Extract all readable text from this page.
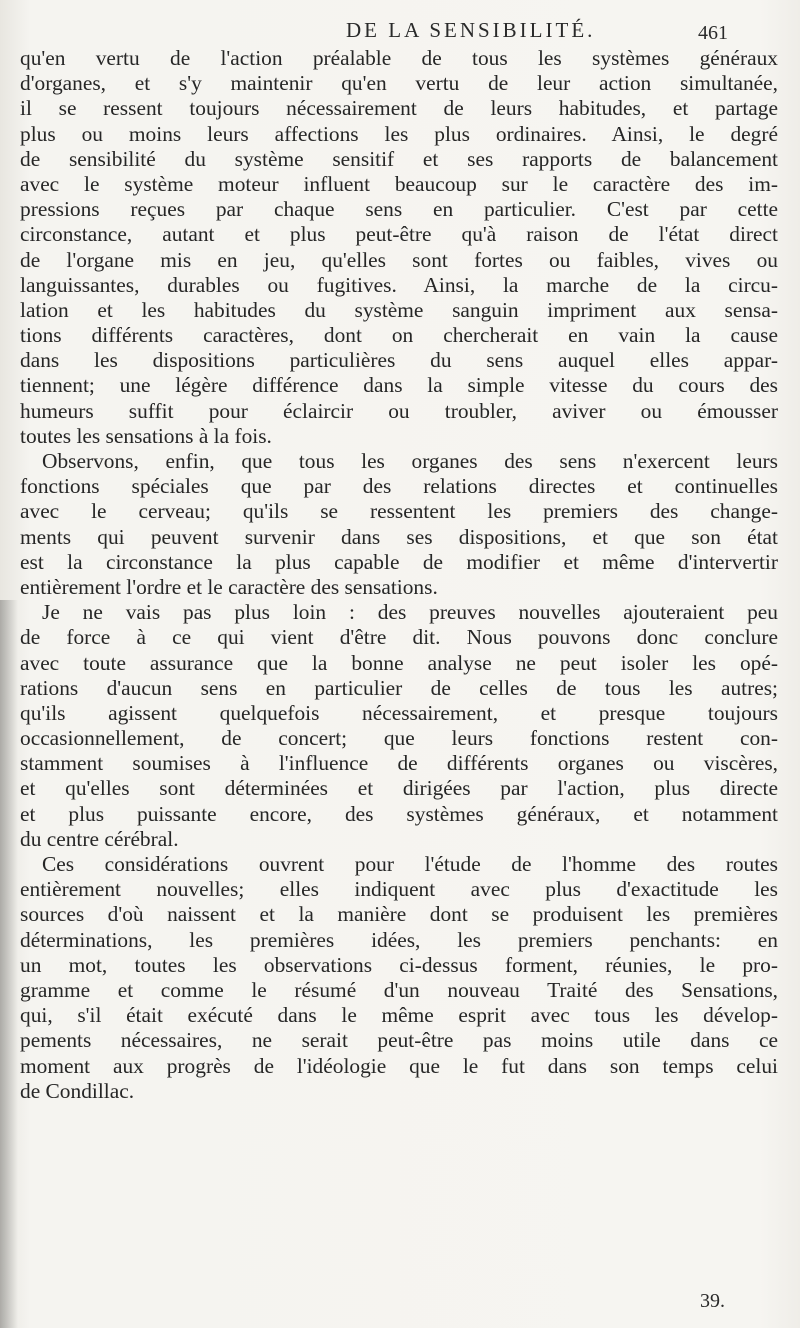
DE LA SENSIBILITÉ.	461
qu'en vertu de l'action préalable de tous les systèmes généraux
d'organes, et s'y maintenir qu'en vertu de leur action simultanée,
il se ressent toujours nécessairement de leurs habitudes, et partage
plus ou moins leurs affections les plus ordinaires. Ainsi, le degré
de sensibilité du système sensitif et ses rapports de balancement
avec le système moteur influent beaucoup sur le caractère des im-
pressions reçues par chaque sens en particulier. C'est par cette
circonstance, autant et plus peut-être qu'à raison de l'état direct
de l'organe mis en jeu, qu'elles sont fortes ou faibles, vives ou
languissantes, durables ou fugitives. Ainsi, la marche de la circu-
lation et les habitudes du système sanguin impriment aux sensa-
tions différents caractères, dont on chercherait en vain la cause
dans les dispositions particulières du sens auquel elles appar-
tiennent; une légère différence dans la simple vitesse du cours des
humeurs suffit pour éclaircir ou troubler, aviver ou émousser
toutes les sensations à la fois.
Observons, enfin, que tous les organes des sens n'exercent leurs
fonctions spéciales que par des relations directes et continuelles
avec le cerveau; qu'ils se ressentent les premiers des change-
ments qui peuvent survenir dans ses dispositions, et que son état
est la circonstance la plus capable de modifier et même d'intervertir
entièrement l'ordre et le caractère des sensations.
Je ne vais pas plus loin : des preuves nouvelles ajouteraient peu
de force à ce qui vient d'être dit. Nous pouvons donc conclure
avec toute assurance que la bonne analyse ne peut isoler les opé-
rations d'aucun sens en particulier de celles de tous les autres;
qu'ils agissent quelquefois nécessairement, et presque toujours
occasionnellement, de concert; que leurs fonctions restent con-
stamment soumises à l'influence de différents organes ou viscères,
et qu'elles sont déterminées et dirigées par l'action, plus directe
et plus puissante encore, des systèmes généraux, et notamment
du centre cérébral.
Ces considérations ouvrent pour l'étude de l'homme des routes
entièrement nouvelles; elles indiquent avec plus d'exactitude les
sources d'où naissent et la manière dont se produisent les premières
déterminations, les premières idées, les premiers penchants: en
un mot, toutes les observations ci-dessus forment, réunies, le pro-
gramme et comme le résumé d'un nouveau Traité des Sensations,
qui, s'il était exécuté dans le même esprit avec tous les dévelop-
pements nécessaires, ne serait peut-être pas moins utile dans ce
moment aux progrès de l'idéologie que le fut dans son temps celui
de Condillac.
39.
